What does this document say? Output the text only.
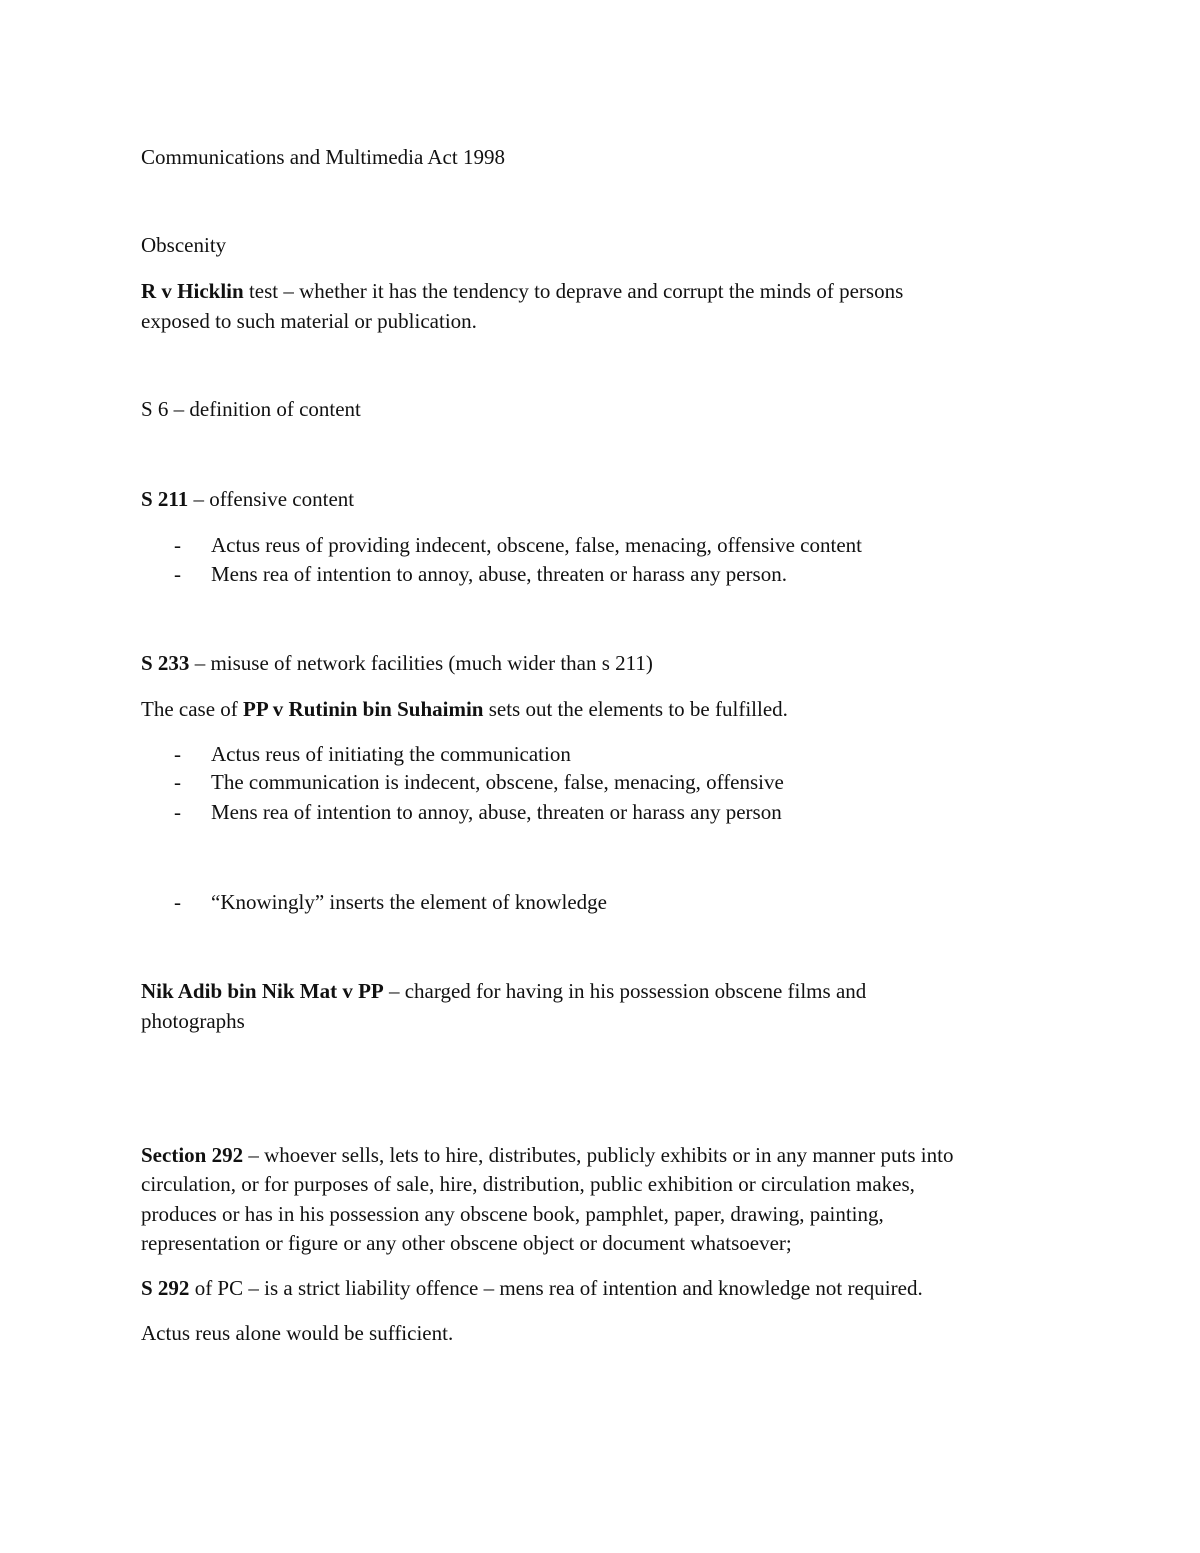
Communications and Multimedia Act 1998
Obscenity
R v Hicklin test – whether it has the tendency to deprave and corrupt the minds of persons
exposed to such material or publication.
S 6 – definition of content
S 211 – offensive content
- Actus reus of providing indecent, obscene, false, menacing, offensive content
- Mens rea of intention to annoy, abuse, threaten or harass any person.
S 233 – misuse of network facilities (much wider than s 211)
The case of PP v Rutinin bin Suhaimin sets out the elements to be fulfilled.
- Actus reus of initiating the communication
- The communication is indecent, obscene, false, menacing, offensive
- Mens rea of intention to annoy, abuse, threaten or harass any person
- “Knowingly” inserts the element of knowledge
Nik Adib bin Nik Mat v PP – charged for having in his possession obscene films and
photographs
Section 292 – whoever sells, lets to hire, distributes, publicly exhibits or in any manner puts into
circulation, or for purposes of sale, hire, distribution, public exhibition or circulation makes,
produces or has in his possession any obscene book, pamphlet, paper, drawing, painting,
representation or figure or any other obscene object or document whatsoever;
S 292 of PC – is a strict liability offence – mens rea of intention and knowledge not required.
Actus reus alone would be sufficient.
